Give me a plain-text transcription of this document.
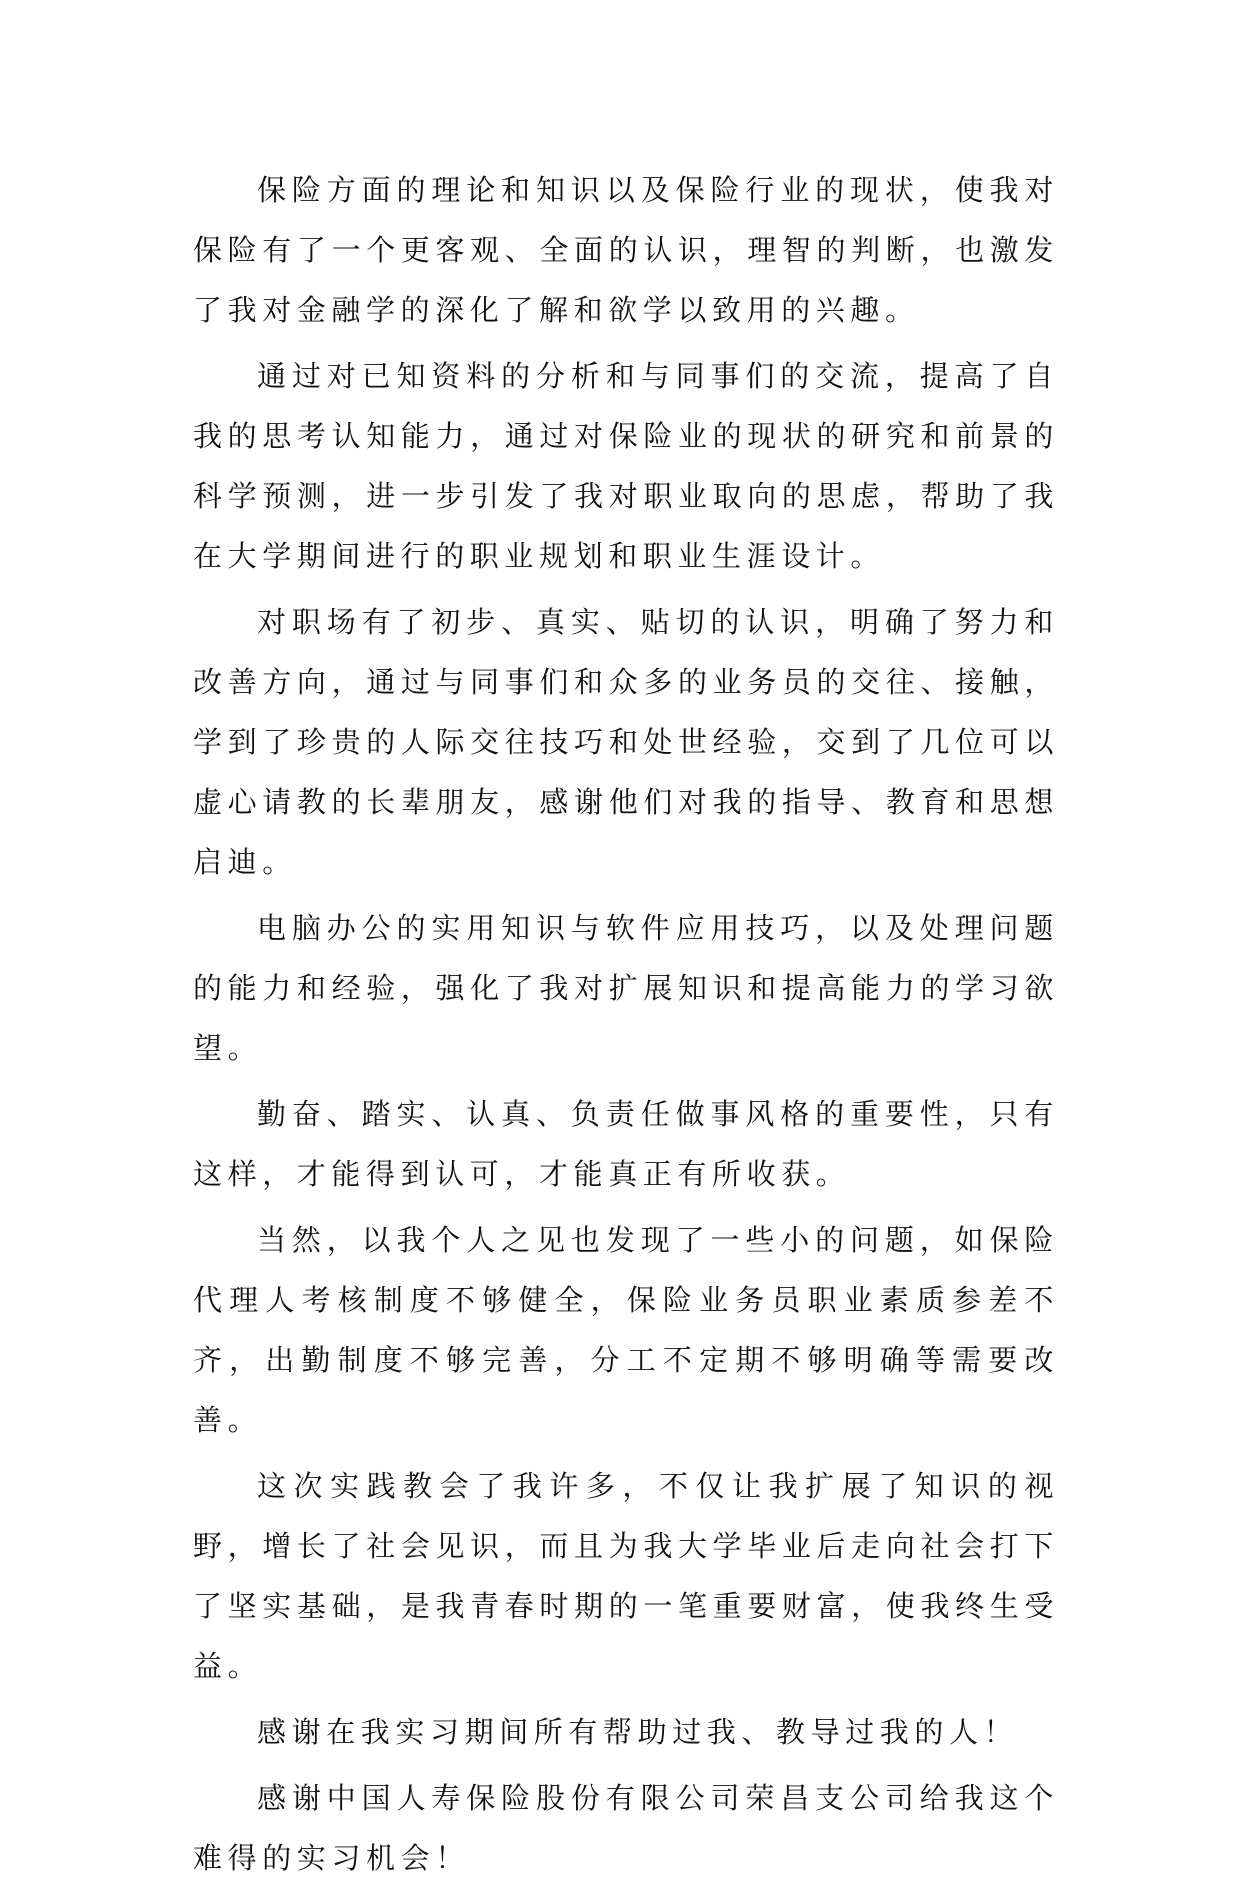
保险方面的理论和知识以及保险行业的现状，使我对保险有了一个更客观、全面的认识，理智的判断，也激发了我对金融学的深化了解和欲学以致用的兴趣。

通过对已知资料的分析和与同事们的交流，提高了自我的思考认知能力，通过对保险业的现状的研究和前景的科学预测，进一步引发了我对职业取向的思虑，帮助了我在大学期间进行的职业规划和职业生涯设计。

对职场有了初步、真实、贴切的认识，明确了努力和改善方向，通过与同事们和众多的业务员的交往、接触，学到了珍贵的人际交往技巧和处世经验，交到了几位可以虚心请教的长辈朋友，感谢他们对我的指导、教育和思想启迪。

电脑办公的实用知识与软件应用技巧，以及处理问题的能力和经验，强化了我对扩展知识和提高能力的学习欲望。

勤奋、踏实、认真、负责任做事风格的重要性，只有这样，才能得到认可，才能真正有所收获。

当然，以我个人之见也发现了一些小的问题，如保险代理人考核制度不够健全，保险业务员职业素质参差不齐，出勤制度不够完善，分工不定期不够明确等需要改善。

这次实践教会了我许多，不仅让我扩展了知识的视野，增长了社会见识，而且为我大学毕业后走向社会打下了坚实基础，是我青春时期的一笔重要财富，使我终生受益。

感谢在我实习期间所有帮助过我、教导过我的人！

感谢中国人寿保险股份有限公司荣昌支公司给我这个难得的实习机会！
